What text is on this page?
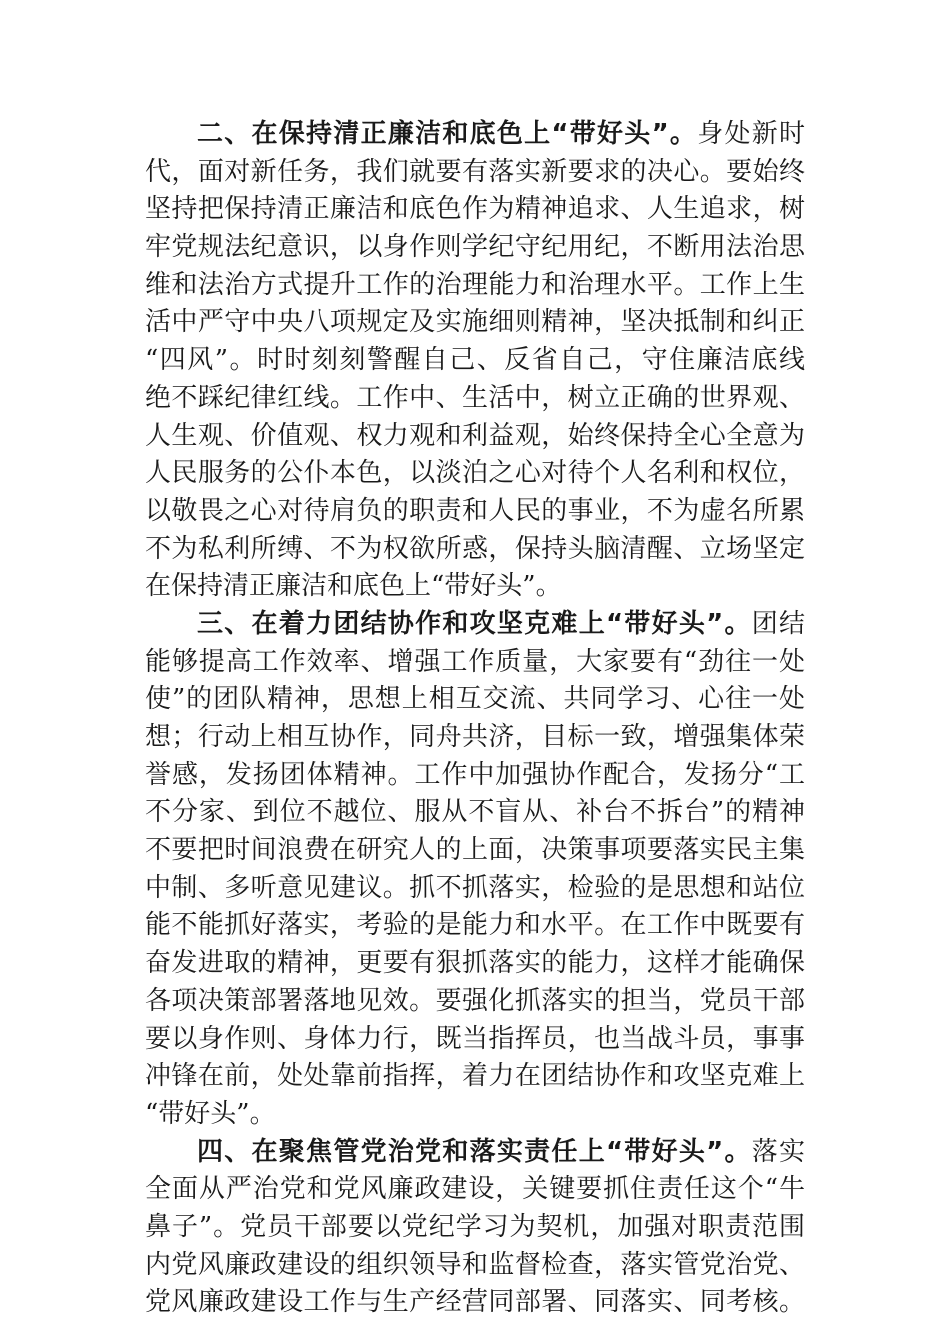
二、在保持清正廉洁和底色上“带好头”。身处新时
代，面对新任务，我们就要有落实新要求的决心。要始终
坚持把保持清正廉洁和底色作为精神追求、人生追求，树
牢党规法纪意识，以身作则学纪守纪用纪，不断用法治思
维和法治方式提升工作的治理能力和治理水平。工作上生
活中严守中央八项规定及实施细则精神，坚决抵制和纠正
“四风”。时时刻刻警醒自己、反省自己，守住廉洁底线
绝不踩纪律红线。工作中、生活中，树立正确的世界观、
人生观、价值观、权力观和利益观，始终保持全心全意为
人民服务的公仆本色，以淡泊之心对待个人名利和权位，
以敬畏之心对待肩负的职责和人民的事业，不为虚名所累
不为私利所缚、不为权欲所惑，保持头脑清醒、立场坚定
在保持清正廉洁和底色上“带好头”。
三、在着力团结协作和攻坚克难上“带好头”。团结
能够提高工作效率、增强工作质量，大家要有“劲往一处
使”的团队精神，思想上相互交流、共同学习、心往一处
想；行动上相互协作，同舟共济，目标一致，增强集体荣
誉感，发扬团体精神。工作中加强协作配合，发扬分“工
不分家、到位不越位、服从不盲从、补台不拆台”的精神
不要把时间浪费在研究人的上面，决策事项要落实民主集
中制、多听意见建议。抓不抓落实，检验的是思想和站位
能不能抓好落实，考验的是能力和水平。在工作中既要有
奋发进取的精神，更要有狠抓落实的能力，这样才能确保
各项决策部署落地见效。要强化抓落实的担当，党员干部
要以身作则、身体力行，既当指挥员，也当战斗员，事事
冲锋在前，处处靠前指挥，着力在团结协作和攻坚克难上
“带好头”。
四、在聚焦管党治党和落实责任上“带好头”。落实
全面从严治党和党风廉政建设，关键要抓住责任这个“牛
鼻子”。党员干部要以党纪学习为契机，加强对职责范围
内党风廉政建设的组织领导和监督检查，落实管党治党、
党风廉政建设工作与生产经营同部署、同落实、同考核。
